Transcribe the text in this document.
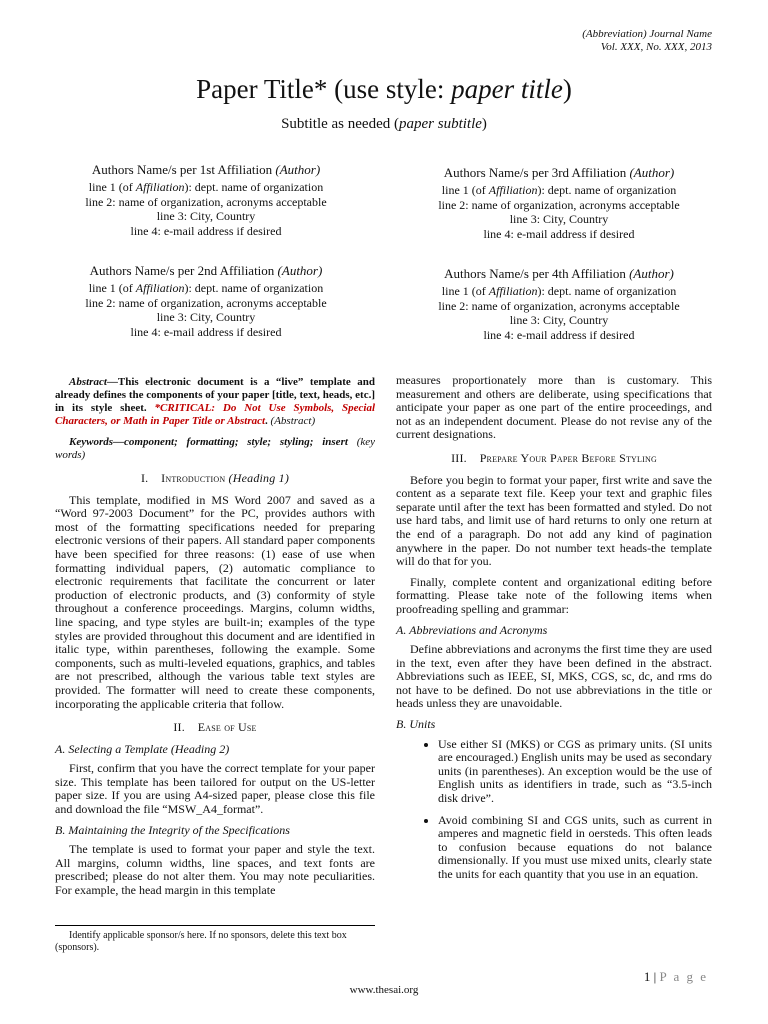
(Abbreviation) Journal Name
Vol. XXX, No. XXX, 2013
Paper Title* (use style: paper title)
Subtitle as needed (paper subtitle)
Authors Name/s per 1st Affiliation (Author)
line 1 (of Affiliation): dept. name of organization
line 2: name of organization, acronyms acceptable
line 3: City, Country
line 4: e-mail address if desired
Authors Name/s per 2nd Affiliation (Author)
line 1 (of Affiliation): dept. name of organization
line 2: name of organization, acronyms acceptable
line 3: City, Country
line 4: e-mail address if desired
Authors Name/s per 3rd Affiliation (Author)
line 1 (of Affiliation): dept. name of organization
line 2: name of organization, acronyms acceptable
line 3: City, Country
line 4: e-mail address if desired
Authors Name/s per 4th Affiliation (Author)
line 1 (of Affiliation): dept. name of organization
line 2: name of organization, acronyms acceptable
line 3: City, Country
line 4: e-mail address if desired
Abstract—This electronic document is a “live” template and already defines the components of your paper [title, text, heads, etc.] in its style sheet. *CRITICAL: Do Not Use Symbols, Special Characters, or Math in Paper Title or Abstract. (Abstract)
Keywords—component; formatting; style; styling; insert (key words)
I. Introduction (Heading 1)

This template, modified in MS Word 2007 and saved as a “Word 97-2003 Document” for the PC, provides authors with most of the formatting specifications needed for preparing electronic versions of their papers. All standard paper components have been specified for three reasons: (1) ease of use when formatting individual papers, (2) automatic compliance to electronic requirements that facilitate the concurrent or later production of electronic products, and (3) conformity of style throughout a conference proceedings. Margins, column widths, line spacing, and type styles are built-in; examples of the type styles are provided throughout this document and are identified in italic type, within parentheses, following the example. Some components, such as multi-leveled equations, graphics, and tables are not prescribed, although the various table text styles are provided. The formatter will need to create these components, incorporating the applicable criteria that follow.

II. Ease of Use
A. Selecting a Template (Heading 2)

First, confirm that you have the correct template for your paper size. This template has been tailored for output on the US-letter paper size. If you are using A4-sized paper, please close this file and download the file “MSW_A4_format”.

B. Maintaining the Integrity of the Specifications

The template is used to format your paper and style the text. All margins, column widths, line spaces, and text fonts are prescribed; please do not alter them. You may note peculiarities. For example, the head margin in this template

Identify applicable sponsor/s here. If no sponsors, delete this text box (sponsors).

measures proportionately more than is customary. This measurement and others are deliberate, using specifications that anticipate your paper as one part of the entire proceedings, and not as an independent document. Please do not revise any of the current designations.

III. Prepare Your Paper Before Styling

Before you begin to format your paper, first write and save the content as a separate text file. Keep your text and graphic files separate until after the text has been formatted and styled. Do not use hard tabs, and limit use of hard returns to only one return at the end of a paragraph. Do not add any kind of pagination anywhere in the paper. Do not number text heads-the template will do that for you.

Finally, complete content and organizational editing before formatting. Please take note of the following items when proofreading spelling and grammar:

A. Abbreviations and Acronyms

Define abbreviations and acronyms the first time they are used in the text, even after they have been defined in the abstract. Abbreviations such as IEEE, SI, MKS, CGS, sc, dc, and rms do not have to be defined. Do not use abbreviations in the title or heads unless they are unavoidable.

B. Units
• Use either SI (MKS) or CGS as primary units. (SI units are encouraged.) English units may be used as secondary units (in parentheses). An exception would be the use of English units as identifiers in trade, such as “3.5-inch disk drive”.
• Avoid combining SI and CGS units, such as current in amperes and magnetic field in oersteds. This often leads to confusion because equations do not balance dimensionally. If you must use mixed units, clearly state the units for each quantity that you use in an equation.
1 | P a g e
www.thesai.org
